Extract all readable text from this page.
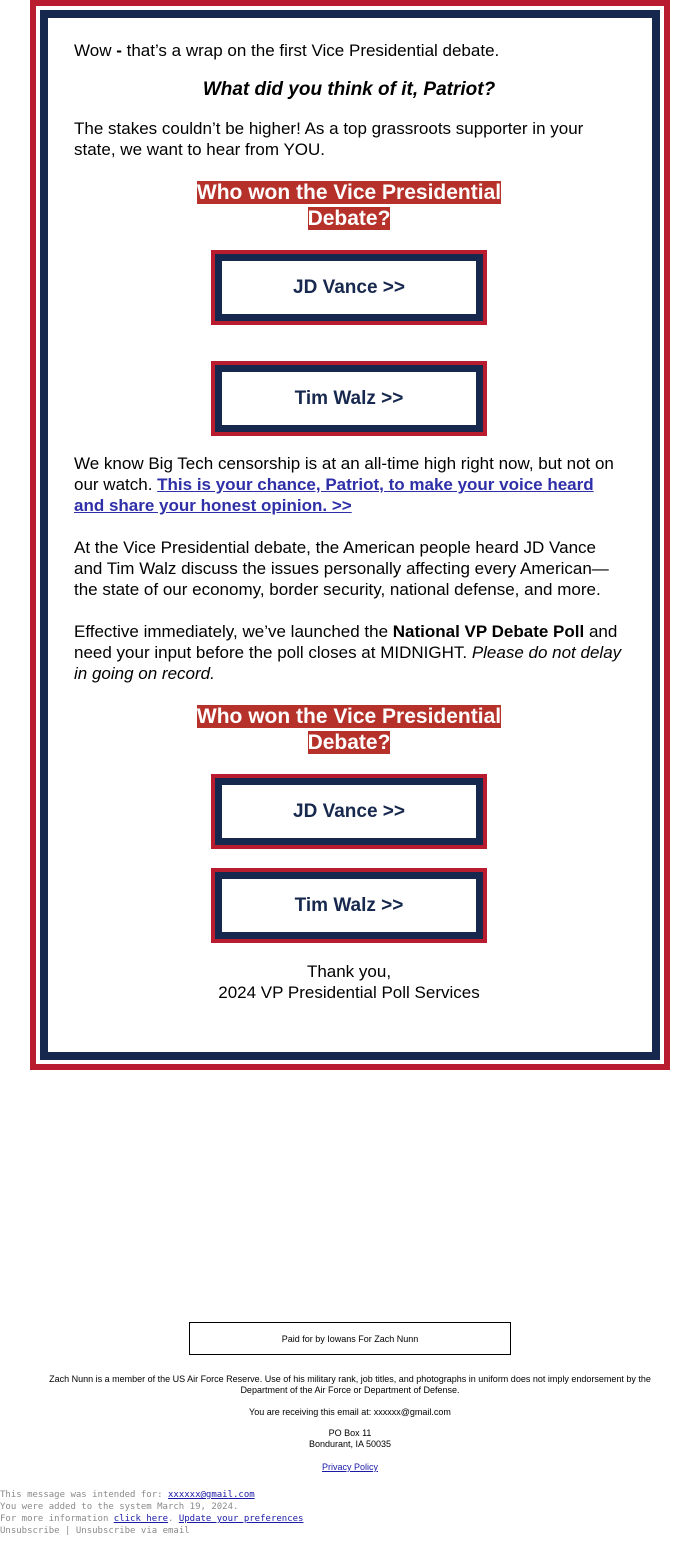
Wow - that’s a wrap on the first Vice Presidential debate.

What did you think of it, Patriot?

The stakes couldn’t be higher! As a top grassroots supporter in your state, we want to hear from YOU.

Who won the Vice Presidential Debate?
JD Vance >>
Tim Walz >>

We know Big Tech censorship is at an all-time high right now, but not on our watch. This is your chance, Patriot, to make your voice heard and share your honest opinion. >>

At the Vice Presidential debate, the American people heard JD Vance and Tim Walz discuss the issues personally affecting every American—the state of our economy, border security, national defense, and more.

Effective immediately, we’ve launched the National VP Debate Poll and need your input before the poll closes at MIDNIGHT. Please do not delay in going on record.

Who won the Vice Presidential Debate?
JD Vance >>
Tim Walz >>
Thank you,
2024 VP Presidential Poll Services
Paid for by Iowans For Zach Nunn
Zach Nunn is a member of the US Air Force Reserve. Use of his military rank, job titles, and photographs in uniform does not imply endorsement by the Department of the Air Force or Department of Defense.
You are receiving this email at: xxxxxx@gmail.com
PO Box 11
Bondurant, IA 50035
Privacy Policy
This message was intended for: xxxxxx@gmail.com
You were added to the system March 19, 2024.
For more information click here. Update your preferences
Unsubscribe | Unsubscribe via email
